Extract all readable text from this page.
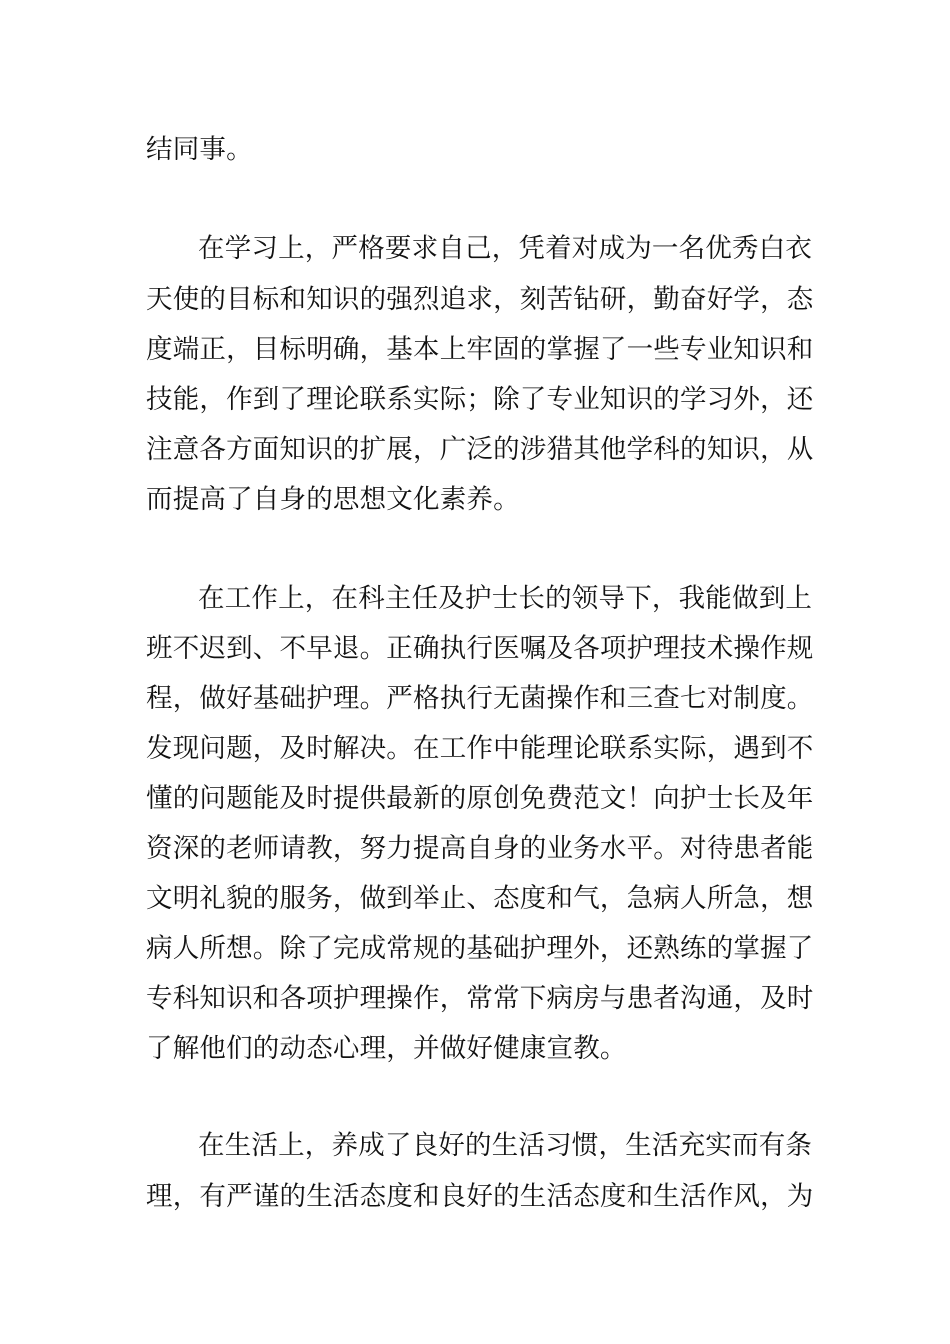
结同事。

在学习上，严格要求自己，凭着对成为一名优秀白衣

天使的目标和知识的强烈追求，刻苦钻研，勤奋好学，态

度端正，目标明确，基本上牢固的掌握了一些专业知识和

技能，作到了理论联系实际；除了专业知识的学习外，还

注意各方面知识的扩展，广泛的涉猎其他学科的知识，从

而提高了自身的思想文化素养。

在工作上，在科主任及护士长的领导下，我能做到上

班不迟到、不早退。正确执行医嘱及各项护理技术操作规

程，做好基础护理。严格执行无菌操作和三查七对制度。

发现问题，及时解决。在工作中能理论联系实际，遇到不

懂的问题能及时提供最新的原创免费范文！向护士长及年

资深的老师请教，努力提高自身的业务水平。对待患者能

文明礼貌的服务，做到举止、态度和气，急病人所急，想

病人所想。除了完成常规的基础护理外，还熟练的掌握了

专科知识和各项护理操作，常常下病房与患者沟通，及时

了解他们的动态心理，并做好健康宣教。

在生活上，养成了良好的生活习惯，生活充实而有条

理，有严谨的生活态度和良好的生活态度和生活作风，为
